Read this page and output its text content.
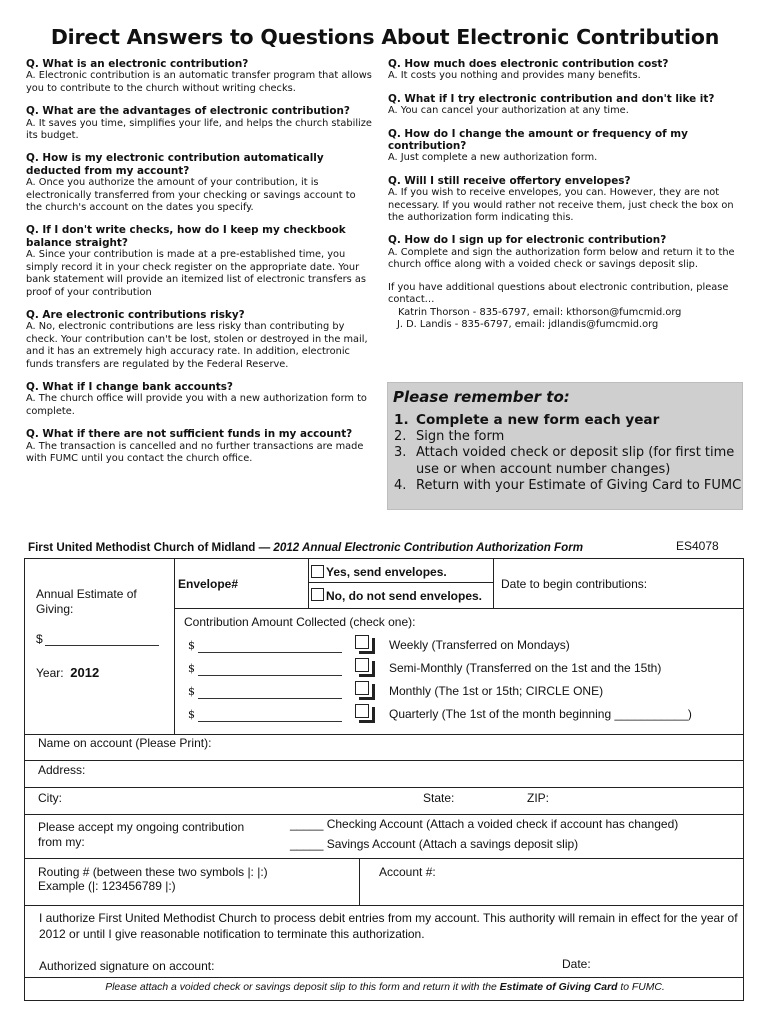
Direct Answers to Questions About Electronic Contribution
Q. What is an electronic contribution?
A. Electronic contribution is an automatic transfer program that allows you to contribute to the church without writing checks.
Q. What are the advantages of electronic contribution?
A. It saves you time, simplifies your life, and helps the church stabilize its budget.
Q. How is my electronic contribution automatically deducted from my account?
A. Once you authorize the amount of your contribution, it is electronically transferred from your checking or savings account to the church's account on the dates you specify.
Q. If I don't write checks, how do I keep my checkbook balance straight?
A. Since your contribution is made at a pre-established time, you simply record it in your check register on the appropriate date. Your bank statement will provide an itemized list of electronic transfers as proof of your contribution
Q. Are electronic contributions risky?
A. No, electronic contributions are less risky than contributing by check. Your contribution can't be lost, stolen or destroyed in the mail, and it has an extremely high accuracy rate. In addition, electronic funds transfers are regulated by the Federal Reserve.
Q. What if I change bank accounts?
A. The church office will provide you with a new authorization form to complete.
Q. What if there are not sufficient funds in my account?
A. The transaction is cancelled and no further transactions are made with FUMC until you contact the church office.
Q. How much does electronic contribution cost?
A. It costs you nothing and provides many benefits.
Q. What if I try electronic contribution and don't like it?
A. You can cancel your authorization at any time.
Q. How do I change the amount or frequency of my contribution?
A. Just complete a new authorization form.
Q. Will I still receive offertory envelopes?
A. If you wish to receive envelopes, you can. However, they are not necessary. If you would rather not receive them, just check the box on the authorization form indicating this.
Q. How do I sign up for electronic contribution?
A. Complete and sign the authorization form below and return it to the church office along with a voided check or savings deposit slip.
If you have additional questions about electronic contribution, please contact…
Katrin Thorson - 835-6797, email: kthorson@fumcmid.org
J. D. Landis - 835-6797, email: jdlandis@fumcmid.org
Please remember to:
1. Complete a new form each year
2. Sign the form
3. Attach voided check or deposit slip (for first time use or when account number changes)
4. Return with your Estimate of Giving Card to FUMC
First United Methodist Church of Midland — 2012 Annual Electronic Contribution Authorization Form	ES4078
Annual Estimate of Giving:
$
Year: 2012
Envelope#
Yes, send envelopes.
No, do not send envelopes.
Date to begin contributions:
Contribution Amount Collected (check one):
$	Weekly (Transferred on Mondays)
$	Semi-Monthly (Transferred on the 1st and the 15th)
$	Monthly (The 1st or 15th; CIRCLE ONE)
$	Quarterly (The 1st of the month beginning ___________)
Name on account (Please Print):
Address:
City:	State:	ZIP:
Please accept my ongoing contribution from my:
_____ Checking Account (Attach a voided check if account has changed)
_____ Savings Account (Attach a savings deposit slip)
Routing # (between these two symbols |: |:)
Example (|: 123456789 |:)
Account #:
I authorize First United Methodist Church to process debit entries from my account. This authority will remain in effect for the year of 2012 or until I give reasonable notification to terminate this authorization.
Authorized signature on account:	Date:
Please attach a voided check or savings deposit slip to this form and return it with the Estimate of Giving Card to FUMC.
